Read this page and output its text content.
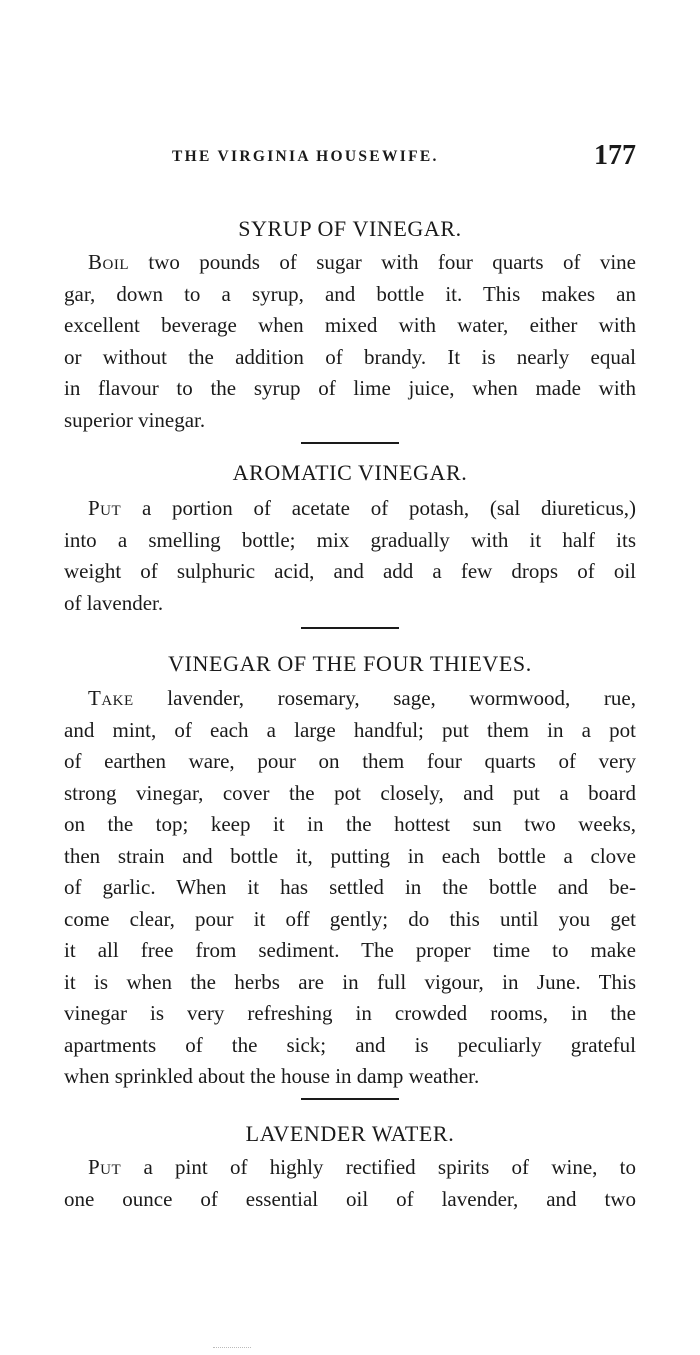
THE VIRGINIA HOUSEWIFE.	177
SYRUP OF VINEGAR.
Boil two pounds of sugar with four quarts of vine
gar, down to a syrup, and bottle it. This makes an
excellent beverage when mixed with water, either with
or without the addition of brandy. It is nearly equal
in flavour to the syrup of lime juice, when made with
superior vinegar.
AROMATIC VINEGAR.
Put a portion of acetate of potash, (sal diureticus,)
into a smelling bottle; mix gradually with it half its
weight of sulphuric acid, and add a few drops of oil
of lavender.
VINEGAR OF THE FOUR THIEVES.
Take lavender, rosemary, sage, wormwood, rue,
and mint, of each a large handful; put them in a pot
of earthen ware, pour on them four quarts of very
strong vinegar, cover the pot closely, and put a board
on the top; keep it in the hottest sun two weeks,
then strain and bottle it, putting in each bottle a clove
of garlic. When it has settled in the bottle and be-
come clear, pour it off gently; do this until you get
it all free from sediment. The proper time to make
it is when the herbs are in full vigour, in June. This
vinegar is very refreshing in crowded rooms, in the
apartments of the sick; and is peculiarly grateful
when sprinkled about the house in damp weather.
LAVENDER WATER.
Put a pint of highly rectified spirits of wine, to
one ounce of essential oil of lavender, and two
